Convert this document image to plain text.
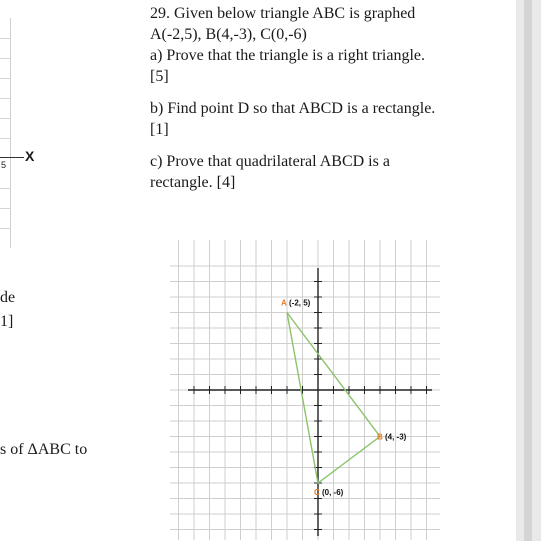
5
X
de
1]
s of ΔABC to

29. Given below triangle ABC is graphed

A(-2,5), B(4,-3), C(0,-6)

a) Prove that the triangle is a right triangle.

[5]

b) Find point D so that ABCD is a rectangle.

[1]

c) Prove that quadrilateral ABCD is a

rectangle. [4]

A (-2, 5)
B (4, -3)
C (0, -6)
